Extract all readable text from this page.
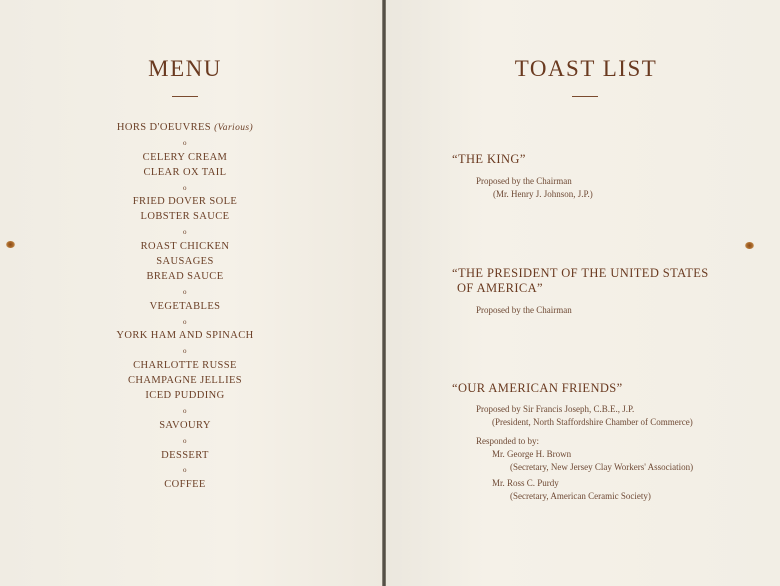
MENU
HORS D'OEUVRES (Various)
o
CELERY CREAM
CLEAR OX TAIL
o
FRIED DOVER SOLE
LOBSTER SAUCE
o
ROAST CHICKEN
SAUSAGES
BREAD SAUCE
o
VEGETABLES
o
YORK HAM AND SPINACH
o
CHARLOTTE RUSSE
CHAMPAGNE JELLIES
ICED PUDDING
o
SAVOURY
o
DESSERT
o
COFFEE
TOAST LIST
“THE KING”
Proposed by the Chairman
(Mr. Henry J. Johnson, J.P.)
“THE PRESIDENT OF THE UNITED STATES
OF AMERICA”
Proposed by the Chairman
“OUR AMERICAN FRIENDS”
Proposed by Sir Francis Joseph, C.B.E., J.P.
(President, North Staffordshire Chamber of Commerce)
Responded to by:
Mr. George H. Brown
(Secretary, New Jersey Clay Workers' Association)
Mr. Ross C. Purdy
(Secretary, American Ceramic Society)
